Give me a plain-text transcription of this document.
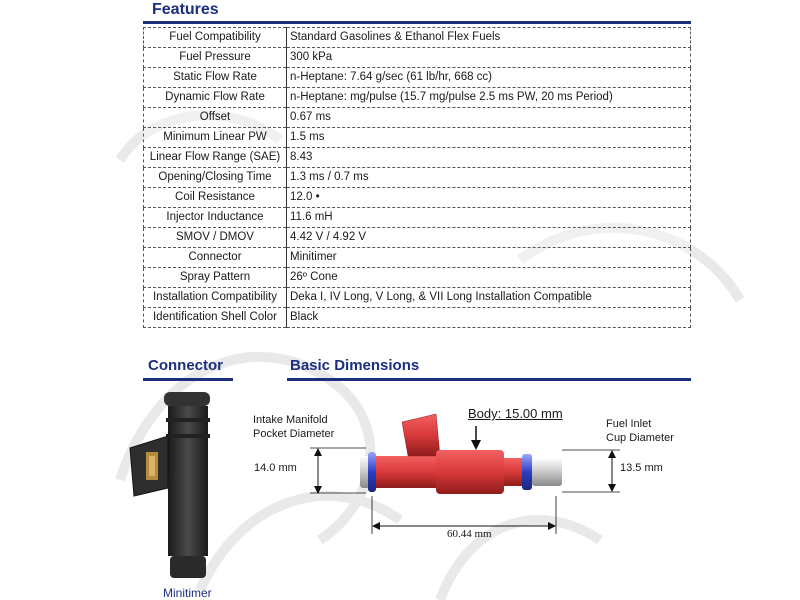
Features
Fuel Compatibility	Standard Gasolines & Ethanol Flex Fuels
Fuel Pressure	300 kPa
Static Flow Rate	n-Heptane: 7.64 g/sec (61 lb/hr, 668 cc)
Dynamic Flow Rate	n-Heptane: mg/pulse (15.7 mg/pulse 2.5 ms PW, 20 ms Period)
Offset	0.67 ms
Minimum Linear PW	1.5 ms
Linear Flow Range (SAE)	8.43
Opening/Closing Time	1.3 ms / 0.7 ms
Coil Resistance	12.0 •
Injector Inductance	11.6 mH
SMOV / DMOV	4.42 V / 4.92 V
Connector	Minitimer
Spray Pattern	26º Cone
Installation Compatibility	Deka I, IV Long, V Long, & VII Long Installation Compatible
Identification Shell Color	Black
Connector	Basic Dimensions
Minitimer
Intake Manifold
Pocket Diameter
14.0 mm
Body: 15.00 mm
Fuel Inlet
Cup Diameter
13.5 mm
60.44 mm
